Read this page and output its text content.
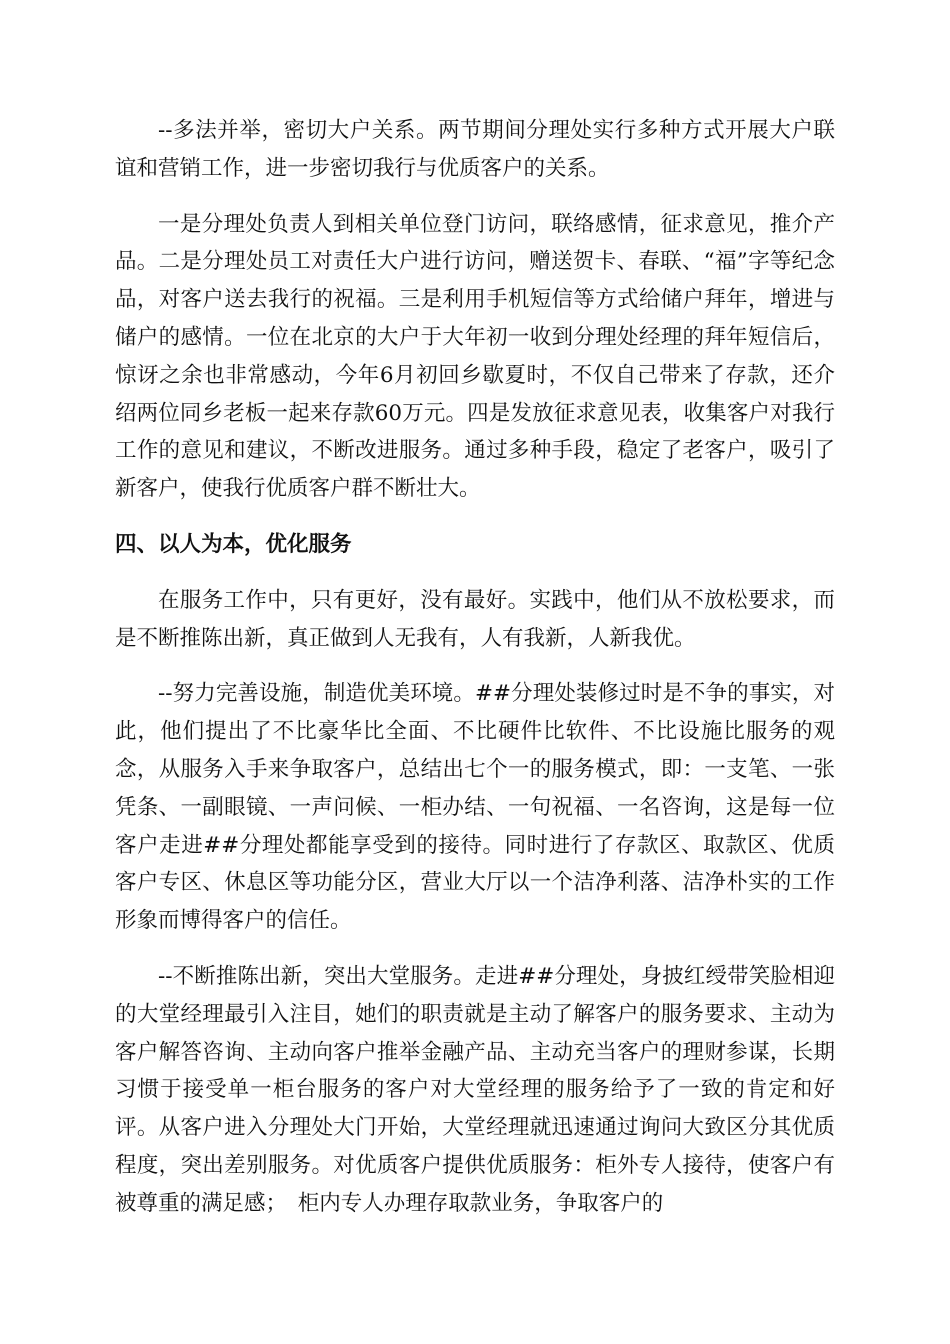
--多法并举，密切大户关系。两节期间分理处实行多种方式开展大户联谊和营销工作，进一步密切我行与优质客户的关系。

一是分理处负责人到相关单位登门访问，联络感情，征求意见，推介产品。二是分理处员工对责任大户进行访问，赠送贺卡、春联、“福”字等纪念品，对客户送去我行的祝福。三是利用手机短信等方式给储户拜年，增进与储户的感情。一位在北京的大户于大年初一收到分理处经理的拜年短信后，惊讶之余也非常感动，今年6月初回乡歇夏时，不仅自己带来了存款，还介绍两位同乡老板一起来存款60万元。四是发放征求意见表，收集客户对我行工作的意见和建议，不断改进服务。通过多种手段，稳定了老客户，吸引了新客户，使我行优质客户群不断壮大。

四、以人为本，优化服务

在服务工作中，只有更好，没有最好。实践中，他们从不放松要求，而是不断推陈出新，真正做到人无我有，人有我新，人新我优。

--努力完善设施，制造优美环境。##分理处装修过时是不争的事实，对此，他们提出了不比豪华比全面、不比硬件比软件、不比设施比服务的观念，从服务入手来争取客户，总结出七个一的服务模式，即：一支笔、一张凭条、一副眼镜、一声问候、一柜办结、一句祝福、一名咨询，这是每一位客户走进##分理处都能享受到的接待。同时进行了存款区、取款区、优质客户专区、休息区等功能分区，营业大厅以一个洁净利落、洁净朴实的工作形象而博得客户的信任。

--不断推陈出新，突出大堂服务。走进##分理处，身披红绶带笑脸相迎的大堂经理最引入注目，她们的职责就是主动了解客户的服务要求、主动为客户解答咨询、主动向客户推举金融产品、主动充当客户的理财参谋，长期习惯于接受单一柜台服务的客户对大堂经理的服务给予了一致的肯定和好评。从客户进入分理处大门开始，大堂经理就迅速通过询问大致区分其优质程度，突出差别服务。对优质客户提供优质服务：柜外专人接待，使客户有被尊重的满足感；　柜内专人办理存取款业务，争取客户的
